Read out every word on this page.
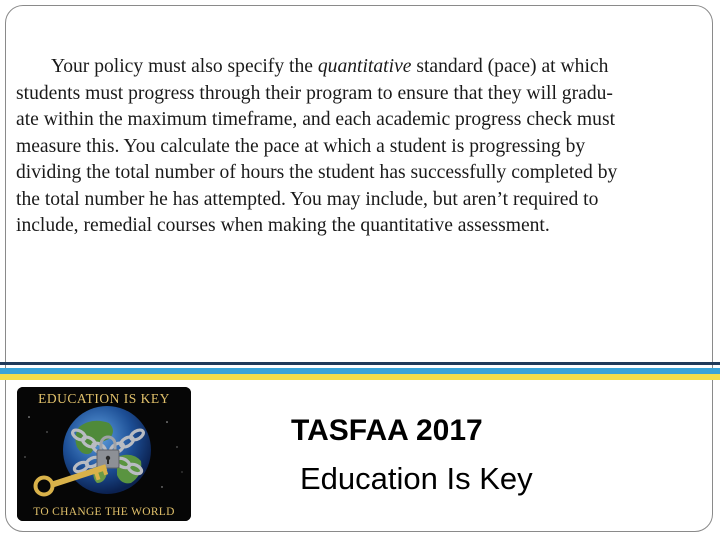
Your policy must also specify the quantitative standard (pace) at which
students must progress through their program to ensure that they will gradu-
ate within the maximum timeframe, and each academic progress check must
measure this. You calculate the pace at which a student is progressing by
dividing the total number of hours the student has successfully completed by
the total number he has attempted. You may include, but aren’t required to
include, remedial courses when making the quantitative assessment.

EDUCATION IS KEY
TO CHANGE THE WORLD
TASFAA 2017
Education Is Key
